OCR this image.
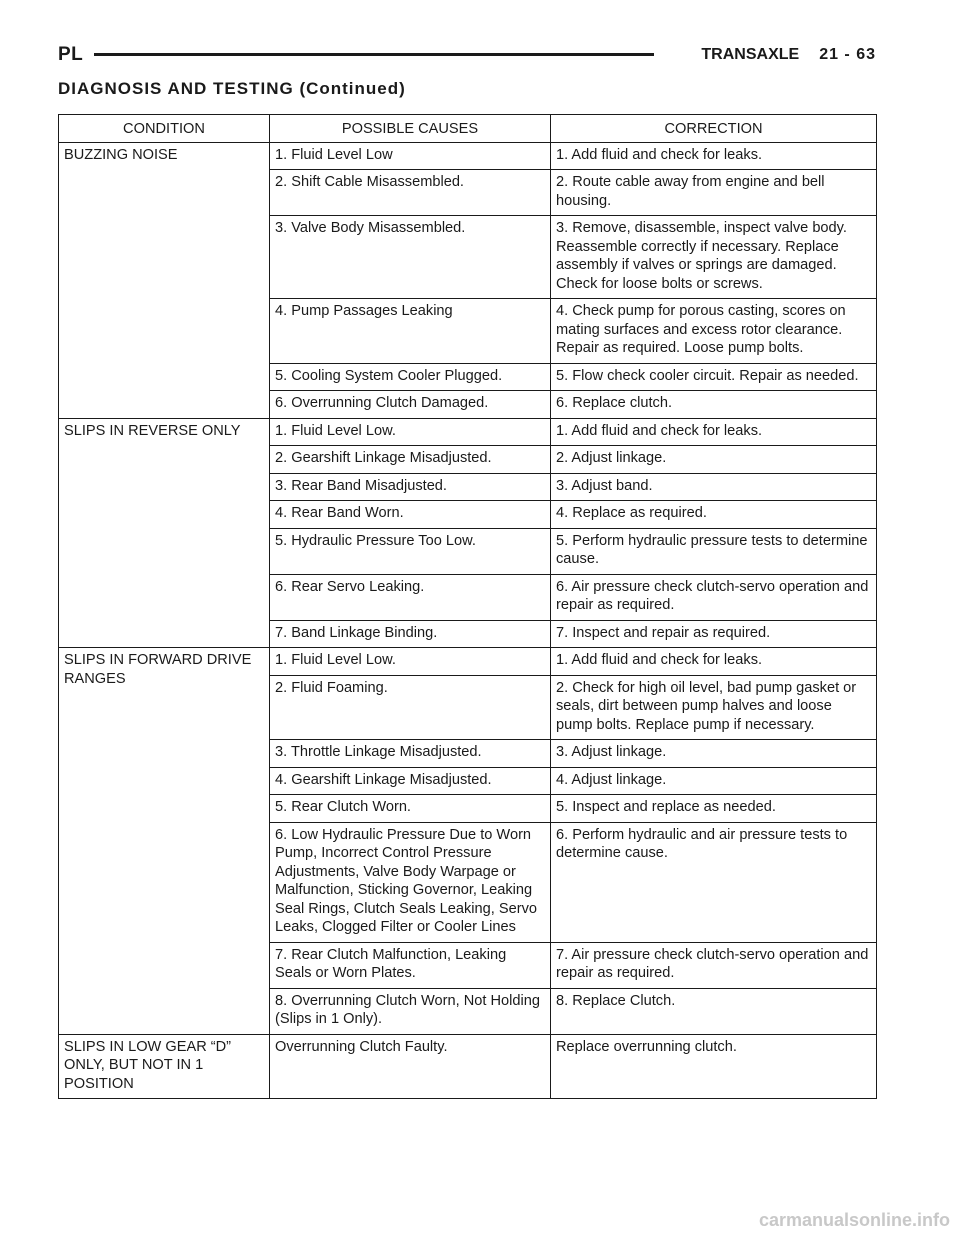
PL	TRANSAXLE 21 - 63
DIAGNOSIS AND TESTING (Continued)
CONDITION	POSSIBLE CAUSES	CORRECTION
BUZZING NOISE	1. Fluid Level Low	1. Add fluid and check for leaks.
	2. Shift Cable Misassembled.	2. Route cable away from engine and bell housing.
	3. Valve Body Misassembled.	3. Remove, disassemble, inspect valve body. Reassemble correctly if necessary. Replace assembly if valves or springs are damaged. Check for loose bolts or screws.
	4. Pump Passages Leaking	4. Check pump for porous casting, scores on mating surfaces and excess rotor clearance. Repair as required. Loose pump bolts.
	5. Cooling System Cooler Plugged.	5. Flow check cooler circuit. Repair as needed.
	6. Overrunning Clutch Damaged.	6. Replace clutch.
SLIPS IN REVERSE ONLY	1. Fluid Level Low.	1. Add fluid and check for leaks.
	2. Gearshift Linkage Misadjusted.	2. Adjust linkage.
	3. Rear Band Misadjusted.	3. Adjust band.
	4. Rear Band Worn.	4. Replace as required.
	5. Hydraulic Pressure Too Low.	5. Perform hydraulic pressure tests to determine cause.
	6. Rear Servo Leaking.	6. Air pressure check clutch-servo operation and repair as required.
	7. Band Linkage Binding.	7. Inspect and repair as required.
SLIPS IN FORWARD DRIVE RANGES	1. Fluid Level Low.	1. Add fluid and check for leaks.
	2. Fluid Foaming.	2. Check for high oil level, bad pump gasket or seals, dirt between pump halves and loose pump bolts. Replace pump if necessary.
	3. Throttle Linkage Misadjusted.	3. Adjust linkage.
	4. Gearshift Linkage Misadjusted.	4. Adjust linkage.
	5. Rear Clutch Worn.	5. Inspect and replace as needed.
	6. Low Hydraulic Pressure Due to Worn Pump, Incorrect Control Pressure Adjustments, Valve Body Warpage or Malfunction, Sticking Governor, Leaking Seal Rings, Clutch Seals Leaking, Servo Leaks, Clogged Filter or Cooler Lines	6. Perform hydraulic and air pressure tests to determine cause.
	7. Rear Clutch Malfunction, Leaking Seals or Worn Plates.	7. Air pressure check clutch-servo operation and repair as required.
	8. Overrunning Clutch Worn, Not Holding (Slips in 1 Only).	8. Replace Clutch.
SLIPS IN LOW GEAR “D” ONLY, BUT NOT IN 1 POSITION	Overrunning Clutch Faulty.	Replace overrunning clutch.
carmanualsonline.info
